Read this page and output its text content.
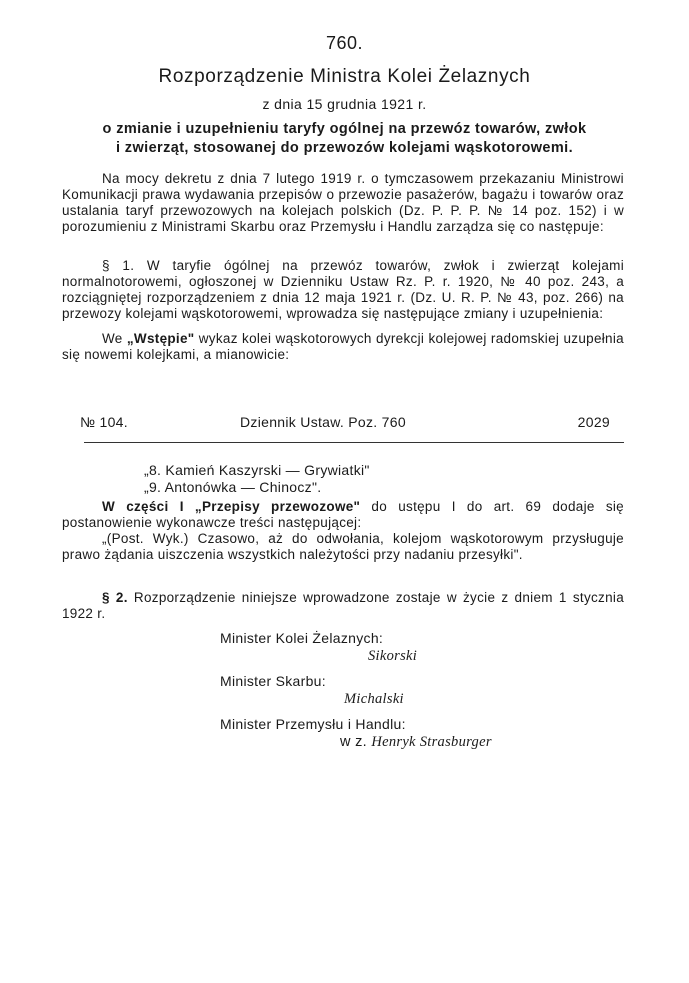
760.
Rozporządzenie Ministra Kolei Żelaznych
z dnia 15 grudnia 1921 r.
o zmianie i uzupełnieniu taryfy ogólnej na przewóz towarów, zwłok
i zwierząt, stosowanej do przewozów kolejami wąskotorowemi.
Na mocy dekretu z dnia 7 lutego 1919 r. o tymczasowem przekazaniu Ministrowi Komunikacji prawa wydawania przepisów o przewozie pasażerów, bagażu i towarów oraz ustalania taryf przewozowych na kolejach polskich (Dz. P. P. P. № 14 poz. 152) i w porozumieniu z Ministrami Skarbu oraz Przemysłu i Handlu zarządza się co następuje:
§ 1. W taryfie ógólnej na przewóz towarów, zwłok i zwierząt kolejami normalnotorowemi, ogłoszonej w Dzienniku Ustaw Rz. P. r. 1920, № 40 poz. 243, a rozciągniętej rozporządzeniem z dnia 12 maja 1921 r. (Dz. U. R. P. № 43, poz. 266) na przewozy kolejami wąskotorowemi, wprowadza się następujące zmiany i uzupełnienia:
We „Wstępie" wykaz kolei wąskotorowych dyrekcji kolejowej radomskiej uzupełnia się nowemi kolejkami, a mianowicie:
№ 104.	Dziennik Ustaw. Poz. 760	2029
„8. Kamień Kaszyrski — Grywiatki"
„9. Antonówka — Chinocz".
W części I „Przepisy przewozowe" do ustępu I do art. 69 dodaje się postanowienie wykonawcze treści następującej:
„(Post. Wyk.) Czasowo, aż do odwołania, kolejom wąskotorowym przysługuje prawo żądania uiszczenia wszystkich należytości przy nadaniu przesyłki".
§ 2. Rozporządzenie niniejsze wprowadzone zostaje w życie z dniem 1 stycznia 1922 r.
Minister Kolei Żelaznych:
Sikorski
Minister Skarbu:
Michalski
Minister Przemysłu i Handlu:
w z. Henryk Strasburger
